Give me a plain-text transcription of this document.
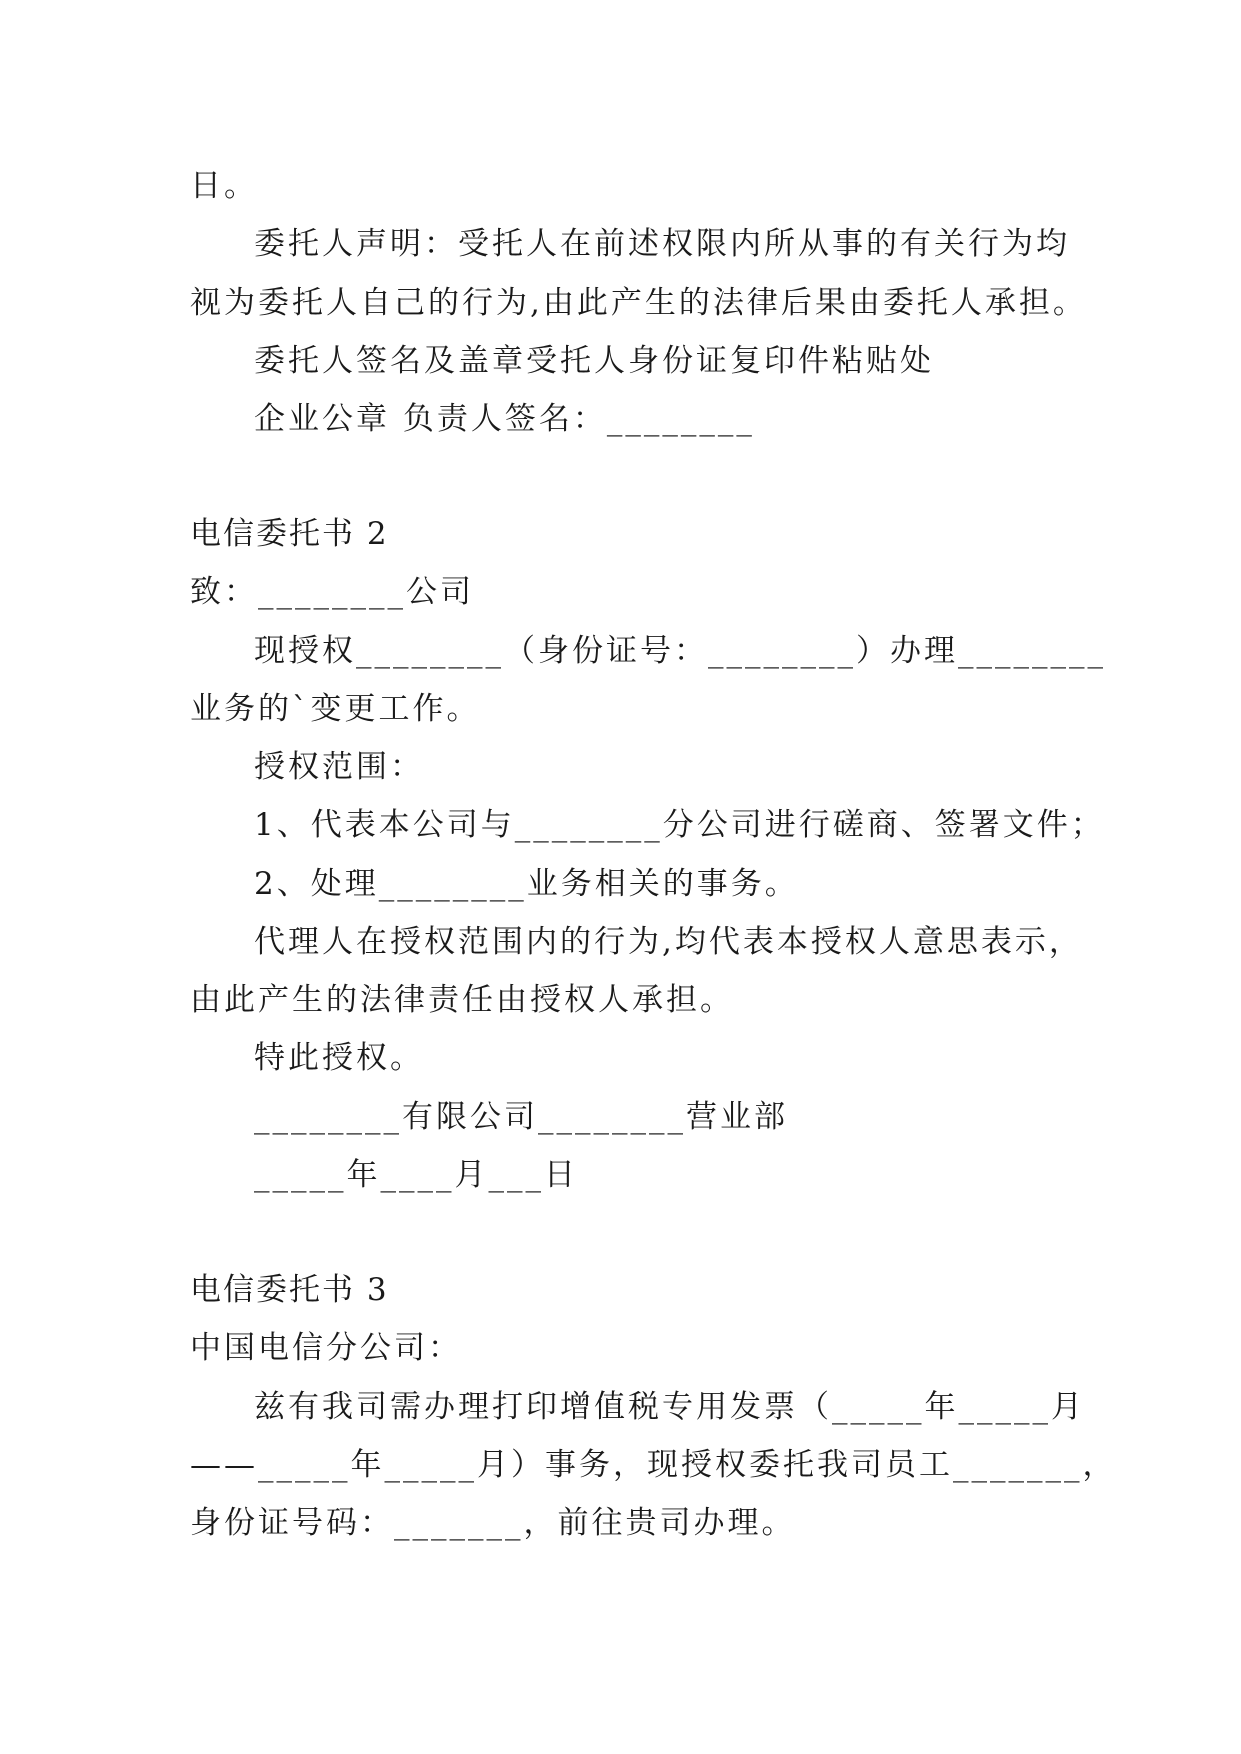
日。

委托人声明：受托人在前述权限内所从事的有关行为均

视为委托人自己的行为,由此产生的法律后果由委托人承担。

委托人签名及盖章受托人身份证复印件粘贴处

企业公章 负责人签名：________

电信委托书 2

致：________公司

现授权________（身份证号：________）办理________

业务的`变更工作。

授权范围：

1、代表本公司与________分公司进行磋商、签署文件；

2、处理________业务相关的事务。

代理人在授权范围内的行为,均代表本授权人意思表示，

由此产生的法律责任由授权人承担。

特此授权。

________有限公司________营业部

_____年____月___日

电信委托书 3

中国电信分公司：

兹有我司需办理打印增值税专用发票（_____年_____月

——_____年_____月）事务，现授权委托我司员工_______，

身份证号码：_______，前往贵司办理。
